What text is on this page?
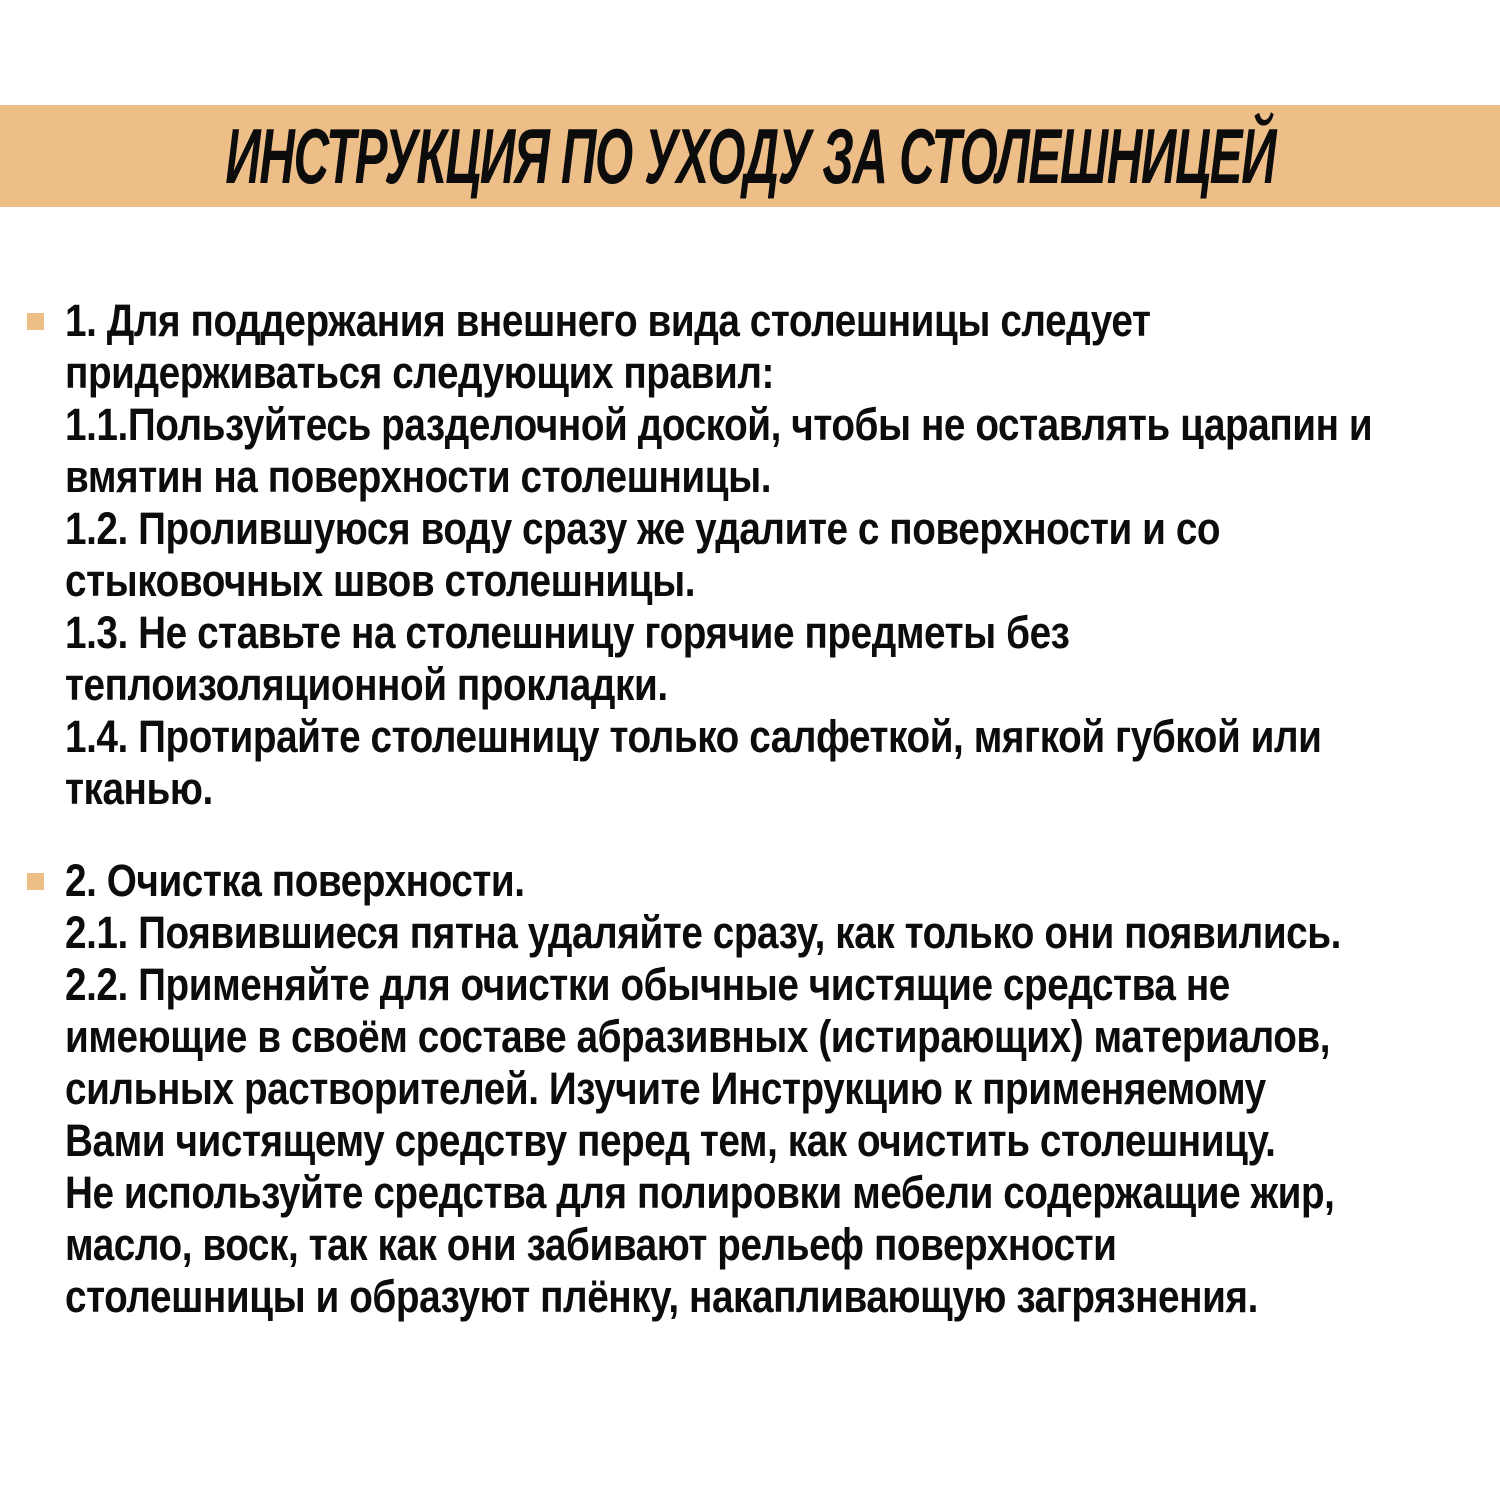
ИНСТРУКЦИЯ ПО УХОДУ ЗА СТОЛЕШНИЦЕЙ
1. Для поддержания внешнего вида столешницы следует
придерживаться следующих правил:
1.1.Пользуйтесь разделочной доской, чтобы не оставлять царапин и
вмятин на поверхности столешницы.
1.2. Пролившуюся воду сразу же удалите с поверхности и со
стыковочных швов столешницы.
1.3. Не ставьте на столешницу горячие предметы без
теплоизоляционной прокладки.
1.4. Протирайте столешницу только салфеткой, мягкой губкой или
тканью.
2. Очистка поверхности.
2.1. Появившиеся пятна удаляйте сразу, как только они появились.
2.2. Применяйте для очистки обычные чистящие средства не
имеющие в своём составе абразивных (истирающих) материалов,
сильных растворителей. Изучите Инструкцию к применяемому
Вами чистящему средству перед тем, как очистить столешницу.
Не используйте средства для полировки мебели содержащие жир,
масло, воск, так как они забивают рельеф поверхности
столешницы и образуют плёнку, накапливающую загрязнения.
